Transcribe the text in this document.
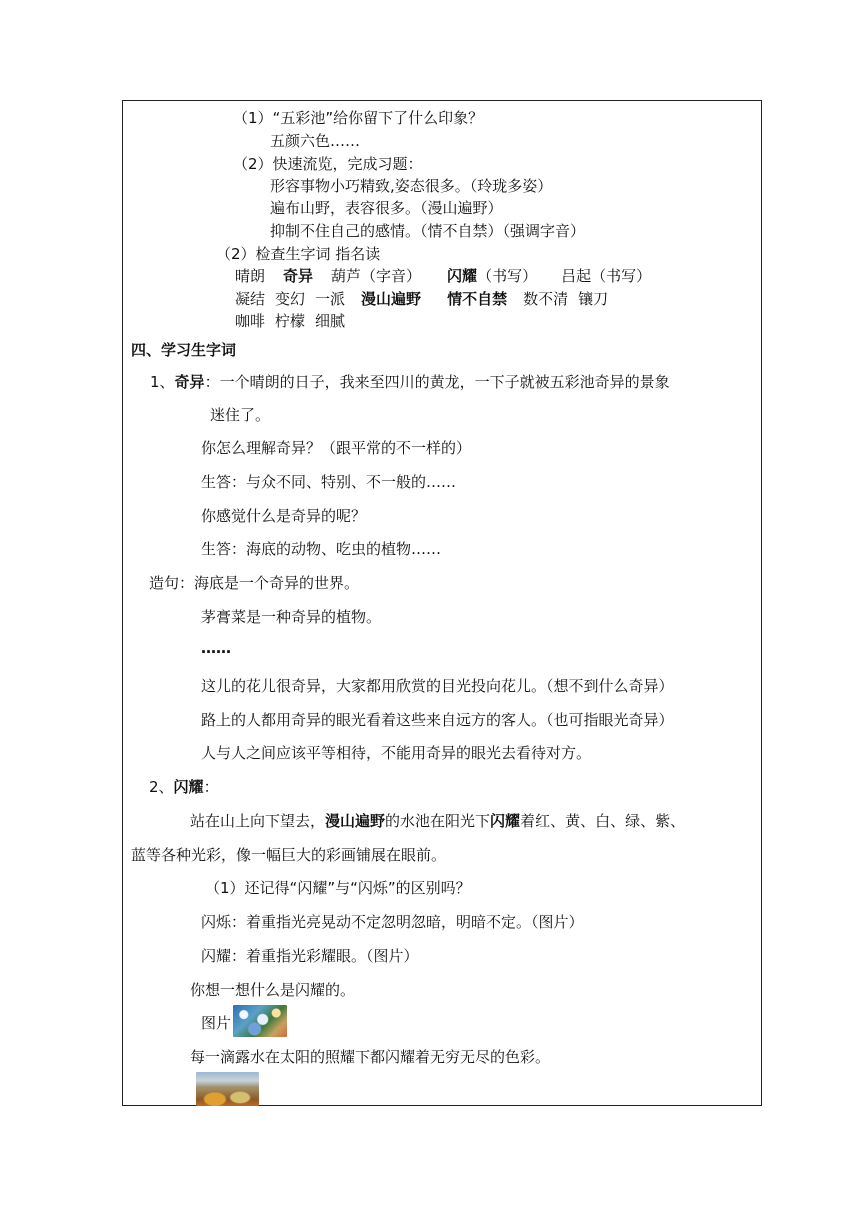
（1）“五彩池”给你留下了什么印象？
五颜六色……
（2）快速流览，完成习题：
形容事物小巧精致,姿态很多。（玲珑多姿）
遍布山野，表容很多。（漫山遍野）
抑制不住自己的感情。（情不自禁）（强调字音）
（2）检查生字词 指名读
晴朗 奇异 葫芦（字音） 闪耀（书写） 吕起（书写）
凝结 变幻 一派 漫山遍野 情不自禁 数不清 镶刀
咖啡 柠檬 细腻
四、学习生字词
1、奇异：一个晴朗的日子，我来至四川的黄龙，一下子就被五彩池奇异的景象
迷住了。
你怎么理解奇异？（跟平常的不一样的）
生答：与众不同、特别、不一般的……
你感觉什么是奇异的呢？
生答：海底的动物、吃虫的植物……
造句：海底是一个奇异的世界。
茅膏菜是一种奇异的植物。
……
这儿的花儿很奇异，大家都用欣赏的目光投向花儿。（想不到什么奇异）
路上的人都用奇异的眼光看着这些来自远方的客人。（也可指眼光奇异）
人与人之间应该平等相待，不能用奇异的眼光去看待对方。
2、闪耀：
站在山上向下望去，漫山遍野的水池在阳光下闪耀着红、黄、白、绿、紫、
蓝等各种光彩，像一幅巨大的彩画铺展在眼前。
（1）还记得“闪耀”与“闪烁”的区别吗？
闪烁：着重指光亮晃动不定忽明忽暗，明暗不定。（图片）
闪耀：着重指光彩耀眼。（图片）
你想一想什么是闪耀的。
图片
每一滴露水在太阳的照耀下都闪耀着无穷无尽的色彩。
